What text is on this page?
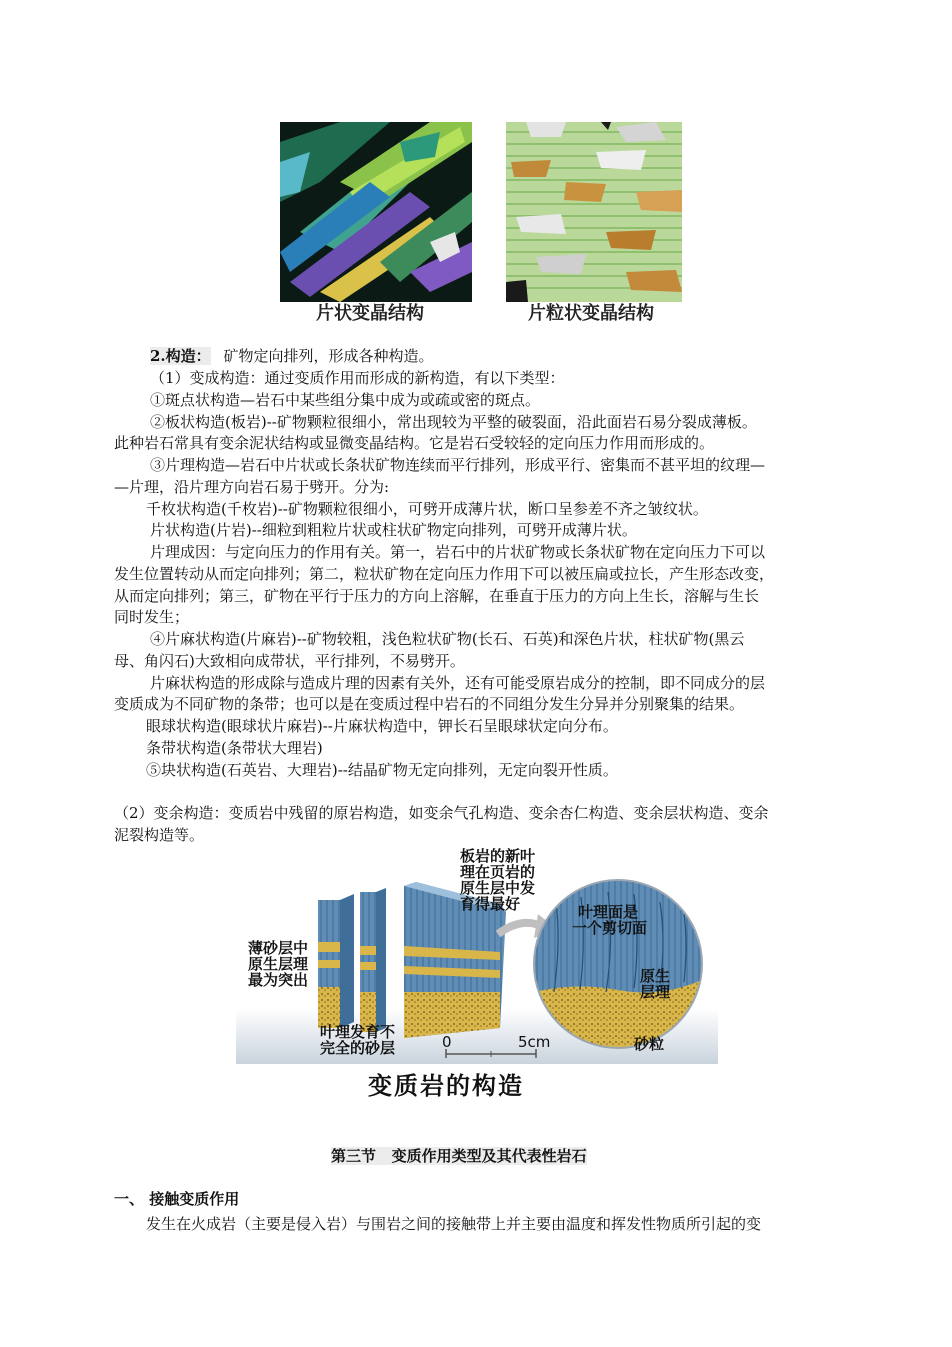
片状变晶结构	片粒状变晶结构
2.构造： 矿物定向排列，形成各种构造。
（1）变成构造：通过变质作用而形成的新构造，有以下类型：
①斑点状构造—岩石中某些组分集中成为或疏或密的斑点。
②板状构造(板岩)--矿物颗粒很细小，常出现较为平整的破裂面，沿此面岩石易分裂成薄板。
此种岩石常具有变余泥状结构或显微变晶结构。它是岩石受较轻的定向压力作用而形成的。
③片理构造—岩石中片状或长条状矿物连续而平行排列，形成平行、密集而不甚平坦的纹理—
—片理，沿片理方向岩石易于劈开。分为:
千枚状构造(千枚岩)--矿物颗粒很细小，可劈开成薄片状，断口呈参差不齐之皱纹状。
片状构造(片岩)--细粒到粗粒片状或柱状矿物定向排列，可劈开成薄片状。
片理成因：与定向压力的作用有关。第一，岩石中的片状矿物或长条状矿物在定向压力下可以
发生位置转动从而定向排列；第二，粒状矿物在定向压力作用下可以被压扁或拉长，产生形态改变，
从而定向排列；第三，矿物在平行于压力的方向上溶解，在垂直于压力的方向上生长，溶解与生长
同时发生；
④片麻状构造(片麻岩)--矿物较粗，浅色粒状矿物(长石、石英)和深色片状，柱状矿物(黑云
母、角闪石)大致相向成带状，平行排列，不易劈开。
片麻状构造的形成除与造成片理的因素有关外，还有可能受原岩成分的控制，即不同成分的层
变质成为不同矿物的条带；也可以是在变质过程中岩石的不同组分发生分异并分别聚集的结果。
眼球状构造(眼球状片麻岩)--片麻状构造中，钾长石呈眼球状定向分布。
条带状构造(条带状大理岩)
⑤块状构造(石英岩、大理岩)--结晶矿物无定向排列，无定向裂开性质。
（2）变余构造：变质岩中残留的原岩构造，如变余气孔构造、变余杏仁构造、变余层状构造、变余
泥裂构造等。
板岩的新叶
理在页岩的
原生层中发
育得最好
薄砂层中
原生层理
最为突出
叶理发育不
完全的砂层
叶理面是
一个剪切面
原生
层理
砂粒
0	5cm
变质岩的构造
第三节   变质作用类型及其代表性岩石
一、 接触变质作用
发生在火成岩（主要是侵入岩）与围岩之间的接触带上并主要由温度和挥发性物质所引起的变
